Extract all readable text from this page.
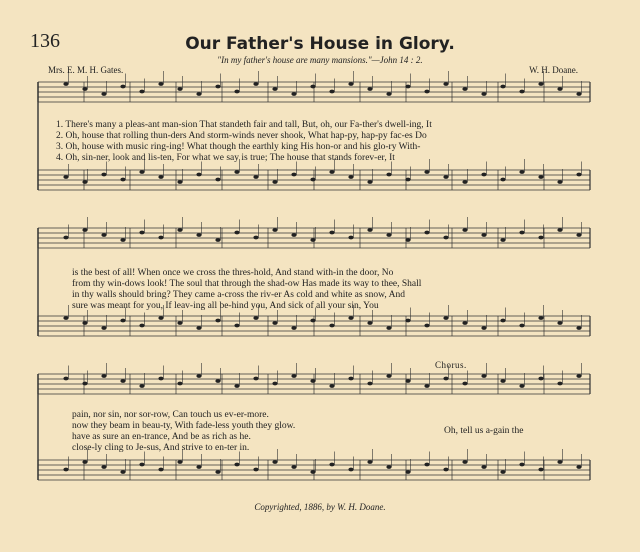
136	Our Father's House in Glory.
"In my father's house are many mansions."—John 14 : 2.
Mrs. E. M. H. Gates.	W. H. Doane.
1. There's many a pleas-ant man-sion That standeth fair and tall, But, oh, our Fa-ther's dwell-ing, It
2. Oh, house that rolling thun-ders And storm-winds never shook, What hap-py, hap-py fac-es Do
3. Oh, house with music ring-ing! What though the earthly king His hon-or and his glo-ry With-
4. Oh, sin-ner, look and lis-ten, For what we say is true; The house that stands forev-er, It
is the best of all! When once we cross the thres-hold, And stand with-in the door, No
from thy win-dows look! The soul that through the shad-ow Has made its way to thee, Shall
in thy walls should bring? They came a-cross the riv-er As cold and white as snow, And
sure was meant for you, If leav-ing all be-hind you, And sick of all your sin, You
Chorus.
pain, nor sin, nor sor-row, Can touch us ev-er-more.
now they beam in beau-ty, With fade-less youth they glow.
have as sure an en-trance, And be as rich as he.
close-ly cling to Je-sus, And strive to en-ter in.
Oh, tell us a-gain the
Copyrighted, 1886, by W. H. Doane.
